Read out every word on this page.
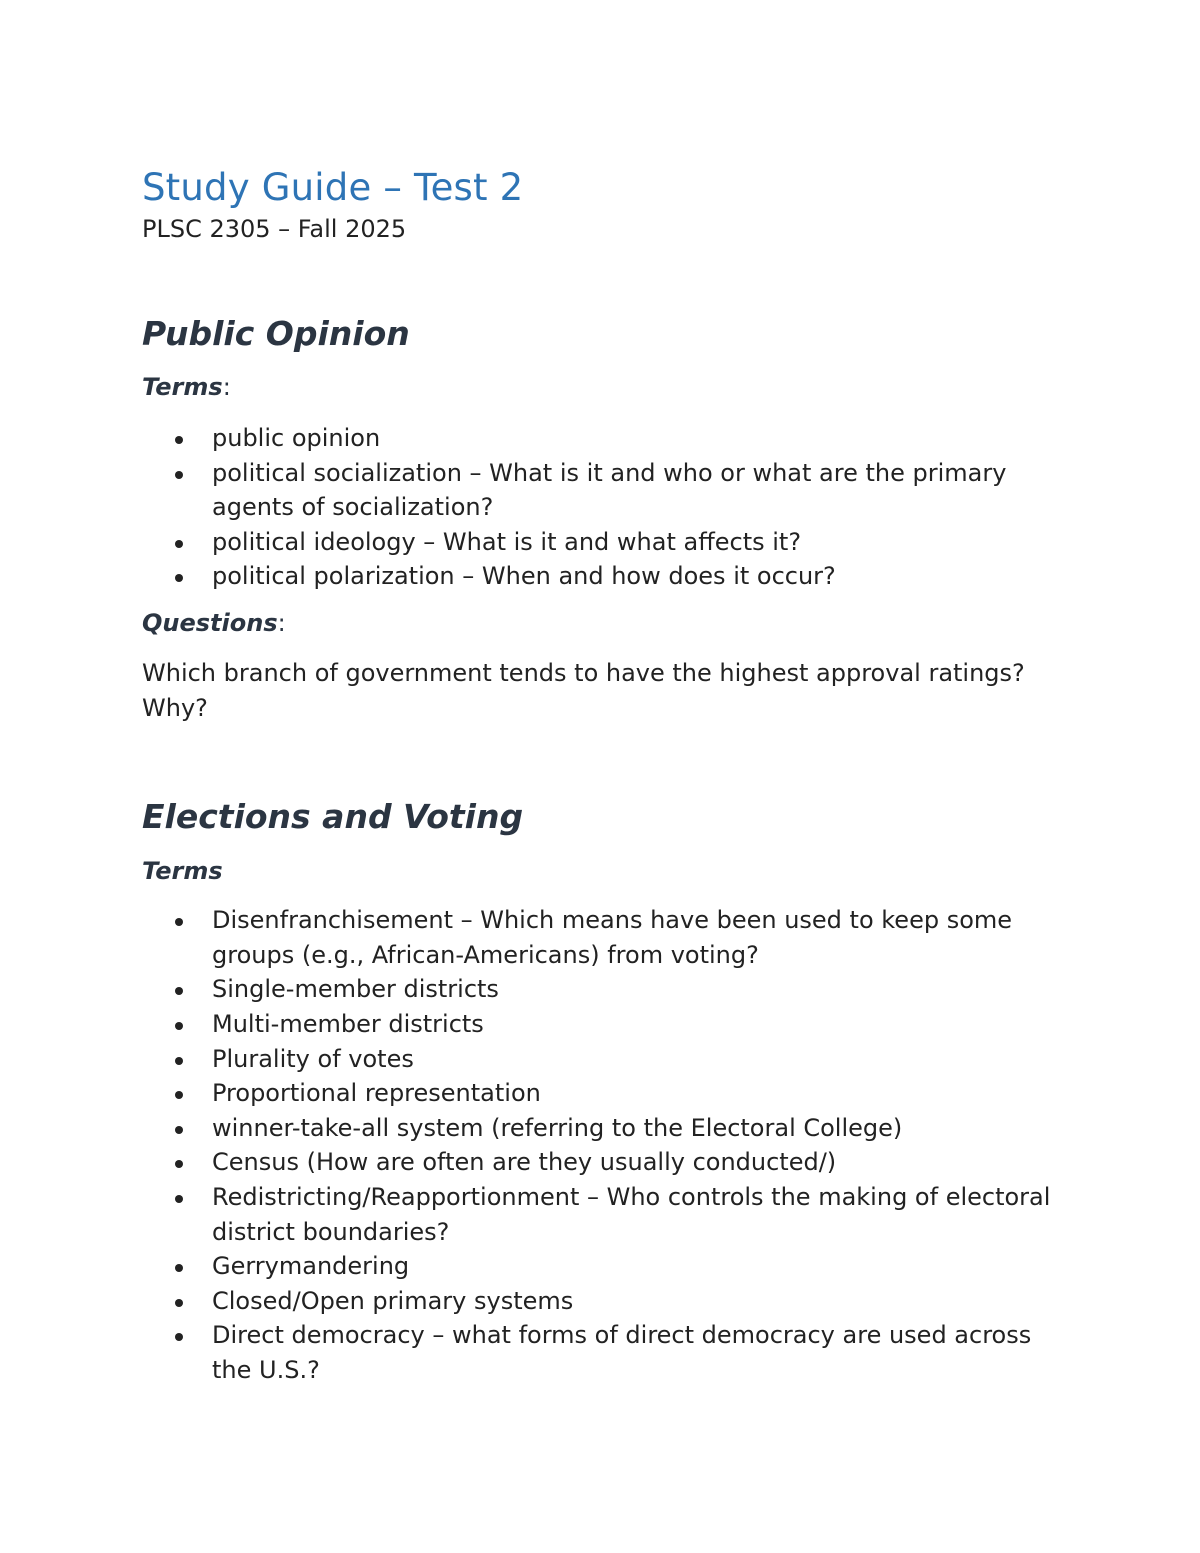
Study Guide – Test 2
PLSC 2305 – Fall 2025
Public Opinion
Terms:
public opinion
political socialization – What is it and who or what are the primary agents of socialization?
political ideology – What is it and what affects it?
political polarization – When and how does it occur?
Questions:

Which branch of government tends to have the highest approval ratings?  Why?

Elections and Voting
Terms
Disenfranchisement – Which means have been used to keep some groups (e.g., African-Americans) from voting?
Single-member districts
Multi-member districts
Plurality of votes
Proportional representation
winner-take-all system (referring to the Electoral College)
Census (How are often are they usually conducted/)
Redistricting/Reapportionment – Who controls the making of electoral district boundaries?
Gerrymandering
Closed/Open primary systems
Direct democracy – what forms of direct democracy are used across the U.S.?
